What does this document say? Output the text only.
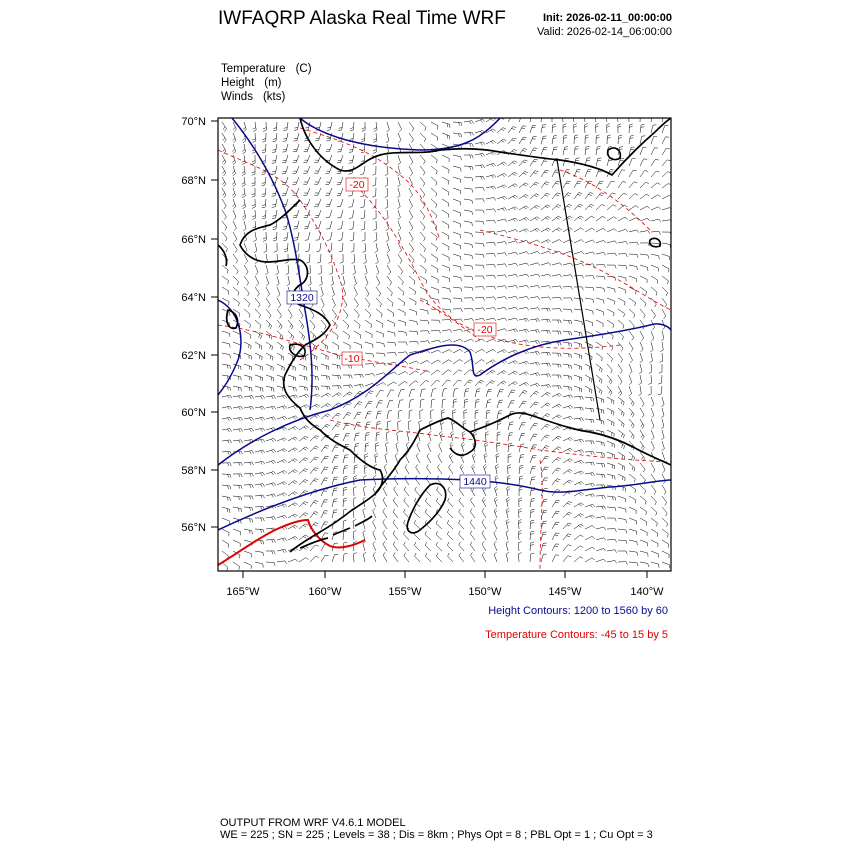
IWFAQRP Alaska Real Time WRF	Init: 2026-02-11_00:00:00
Valid: 2026-02-14_06:00:00
Temperature (C)
Height (m)
Winds (kts)
1320
1440
-20
-20
-10
70°N
68°N
66°N
64°N
62°N
60°N
58°N
56°N
165°W	160°W	155°W	150°W	145°W	140°W
Height Contours: 1200 to 1560 by 60
Temperature Contours: -45 to 15 by 5
OUTPUT FROM WRF V4.6.1 MODEL
WE = 225 ; SN = 225 ; Levels = 38 ; Dis = 8km ; Phys Opt = 8 ; PBL Opt = 1 ; Cu Opt = 3
